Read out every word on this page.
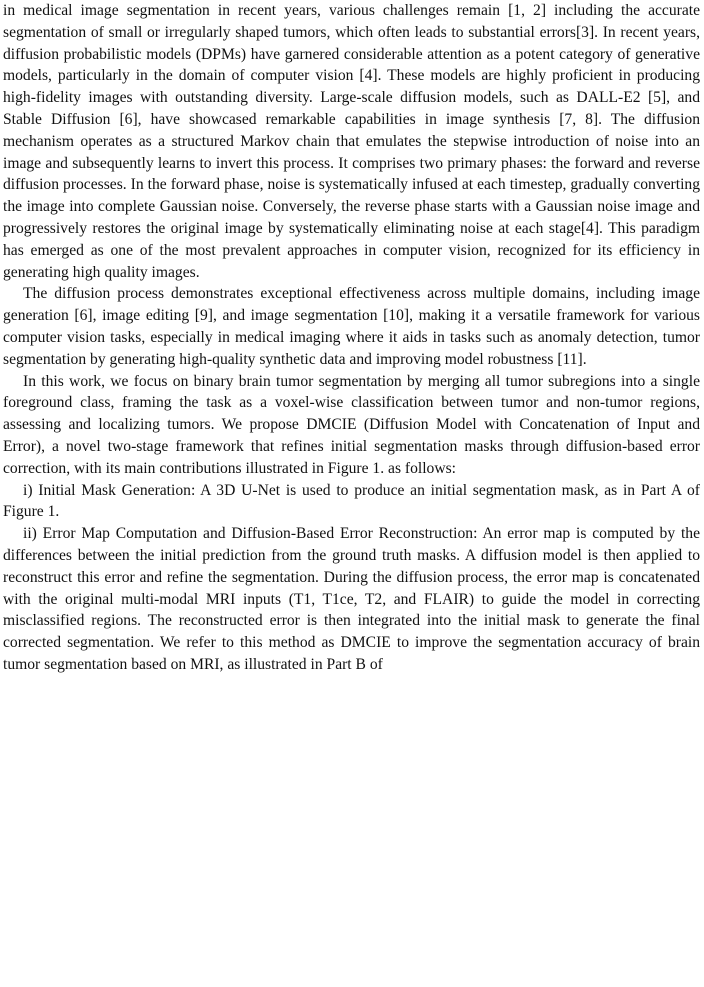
in medical image segmentation in recent years, various challenges remain [1, 2] including the accurate segmentation of small or irregularly shaped tumors, which often leads to substantial errors[3]. In recent years, diffusion probabilistic models (DPMs) have garnered considerable attention as a potent category of generative models, particularly in the domain of computer vision [4]. These models are highly proficient in producing high-fidelity images with outstanding diversity. Large-scale diffusion models, such as DALL-E2 [5], and Stable Diffusion [6], have showcased remarkable capabilities in image synthesis [7, 8]. The diffusion mechanism operates as a structured Markov chain that emulates the stepwise introduction of noise into an image and subsequently learns to invert this process. It comprises two primary phases: the forward and reverse diffusion processes. In the forward phase, noise is systematically infused at each timestep, gradually converting the image into complete Gaussian noise. Conversely, the reverse phase starts with a Gaussian noise image and progressively restores the original image by systematically eliminating noise at each stage[4]. This paradigm has emerged as one of the most prevalent approaches in computer vision, recognized for its efficiency in generating high quality images.

The diffusion process demonstrates exceptional effectiveness across multiple domains, including image generation [6], image editing [9], and image segmentation [10], making it a versatile framework for various computer vision tasks, especially in medical imaging where it aids in tasks such as anomaly detection, tumor segmentation by generating high-quality synthetic data and improving model robustness [11].

In this work, we focus on binary brain tumor segmentation by merging all tumor subregions into a single foreground class, framing the task as a voxel-wise classification between tumor and non-tumor regions, assessing and localizing tumors. We propose DMCIE (Diffusion Model with Concatenation of Input and Error), a novel two-stage framework that refines initial segmentation masks through diffusion-based error correction, with its main contributions illustrated in Figure 1. as follows:

i) Initial Mask Generation: A 3D U-Net is used to produce an initial segmentation mask, as in Part A of Figure 1.

ii) Error Map Computation and Diffusion-Based Error Reconstruction: An error map is computed by the differences between the initial prediction from the ground truth masks. A diffusion model is then applied to reconstruct this error and refine the segmentation. During the diffusion process, the error map is concatenated with the original multi-modal MRI inputs (T1, T1ce, T2, and FLAIR) to guide the model in correcting misclassified regions. The reconstructed error is then integrated into the initial mask to generate the final corrected segmentation. We refer to this method as DMCIE to improve the segmentation accuracy of brain tumor segmentation based on MRI, as illustrated in Part B of
